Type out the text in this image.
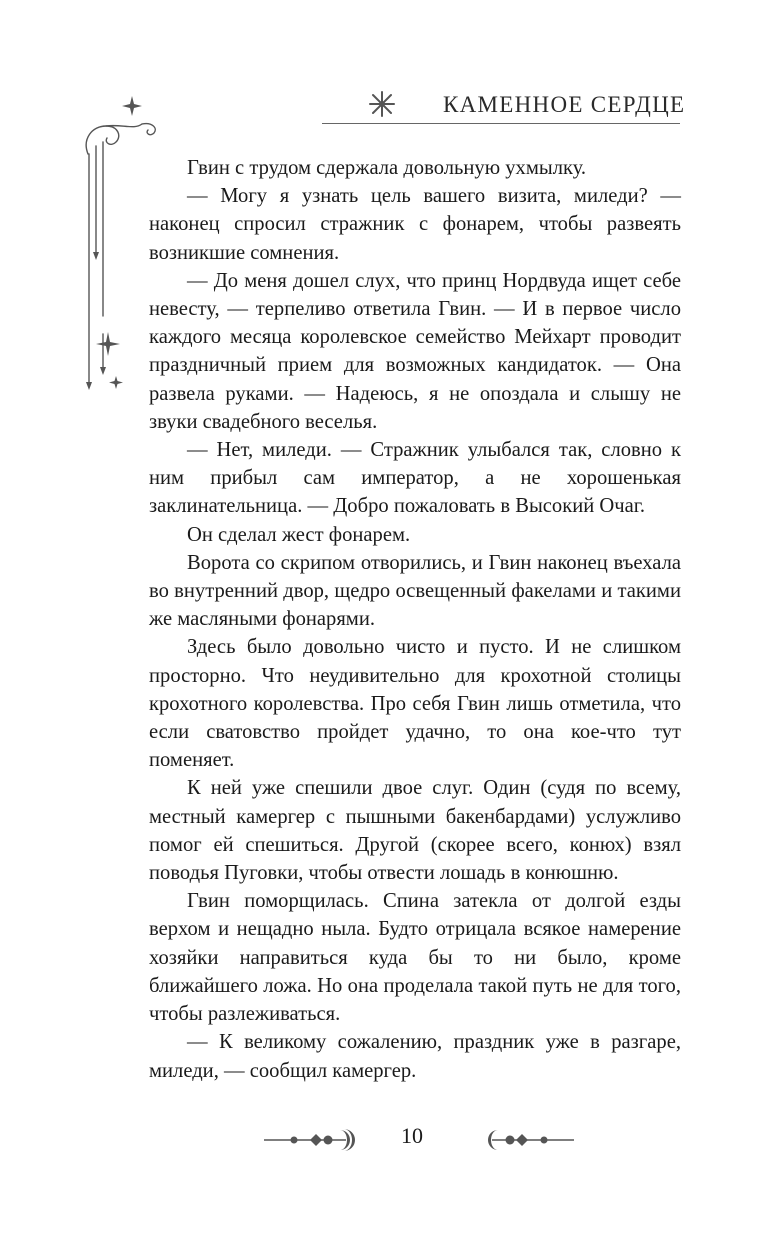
КАМЕННОЕ СЕРДЦЕ

Гвин с трудом сдержала довольную ухмылку.

— Могу я узнать цель вашего визита, миледи? — наконец спросил стражник с фонарем, чтобы развеять возникшие сомнения.

— До меня дошел слух, что принц Нордвуда ищет себе невесту, — терпеливо ответила Гвин. — И в первое число каждого месяца королевское семейство Мейхарт проводит праздничный прием для возможных кандидаток. — Она развела руками. — Надеюсь, я не опоздала и слышу не звуки свадебного веселья.

— Нет, миледи. — Стражник улыбался так, словно к ним прибыл сам император, а не хорошенькая заклинательница. — Добро пожаловать в Высокий Очаг.

Он сделал жест фонарем.

Ворота со скрипом отворились, и Гвин наконец въехала во внутренний двор, щедро освещенный факелами и такими же масляными фонарями.

Здесь было довольно чисто и пусто. И не слишком просторно. Что неудивительно для крохотной столицы крохотного королевства. Про себя Гвин лишь отметила, что если сватовство пройдет удачно, то она кое-что тут поменяет.

К ней уже спешили двое слуг. Один (судя по всему, местный камергер с пышными бакенбардами) услужливо помог ей спешиться. Другой (скорее всего, конюх) взял поводья Пуговки, чтобы отвести лошадь в конюшню.

Гвин поморщилась. Спина затекла от долгой езды верхом и нещадно ныла. Будто отрицала всякое намерение хозяйки направиться куда бы то ни было, кроме ближайшего ложа. Но она проделала такой путь не для того, чтобы разлеживаться.

— К великому сожалению, праздник уже в разгаре, миледи, — сообщил камергер.

10
